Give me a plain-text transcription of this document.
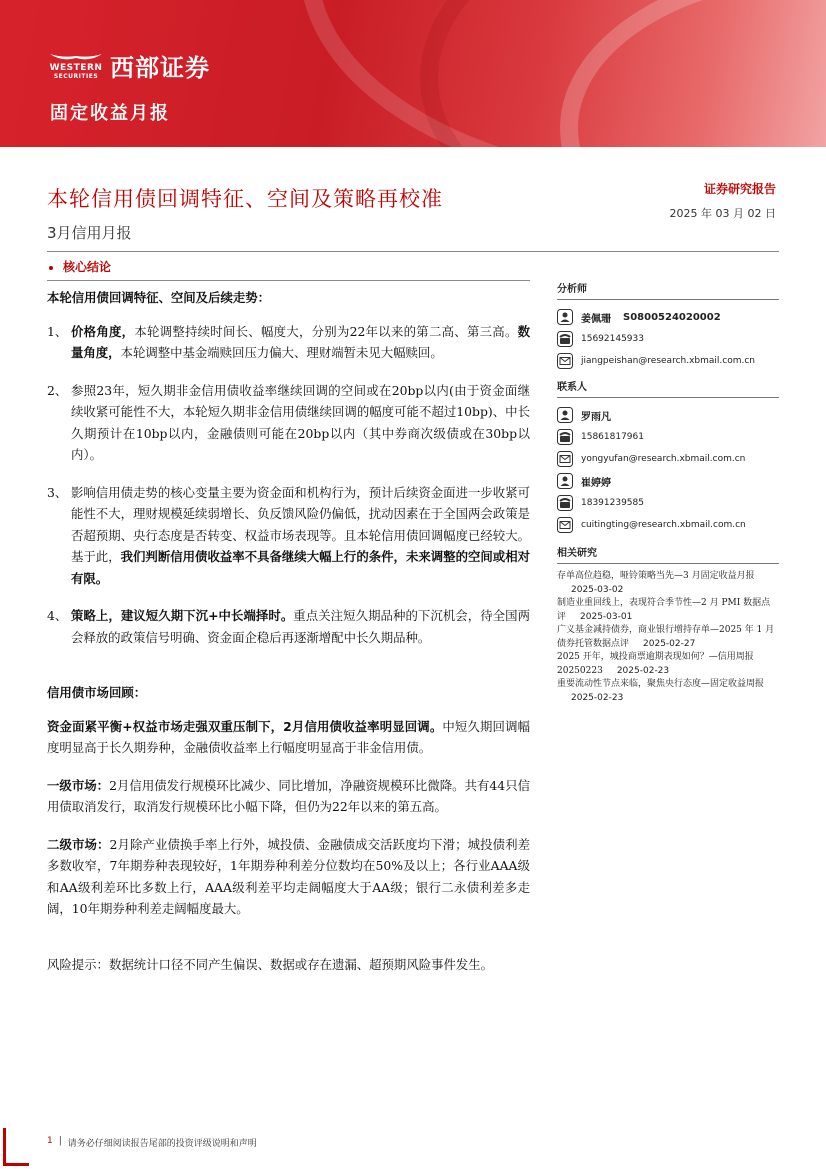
WESTERN
SECURITIES 西部证券
固定收益月报
本轮信用债回调特征、空间及策略再校准
3月信用月报
证券研究报告
2025 年 03 月 02 日
核心结论

本轮信用债回调特征、空间及后续走势：

1、 价格角度，本轮调整持续时间长、幅度大，分别为22年以来的第二高、第三高。数量角度，本轮调整中基金端赎回压力偏大、理财端暂未见大幅赎回。
2、 参照23年，短久期非金信用债收益率继续回调的空间或在20bp以内(由于资金面继续收紧可能性不大，本轮短久期非金信用债继续回调的幅度可能不超过10bp)、中长久期预计在10bp以内，金融债则可能在20bp以内（其中券商次级债或在30bp以内）。
3、 影响信用债走势的核心变量主要为资金面和机构行为，预计后续资金面进一步收紧可能性不大，理财规模延续弱增长、负反馈风险仍偏低，扰动因素在于全国两会政策是否超预期、央行态度是否转变、权益市场表现等。且本轮信用债回调幅度已经较大。基于此，我们判断信用债收益率不具备继续大幅上行的条件，未来调整的空间或相对有限。
4、 策略上，建议短久期下沉+中长端择时。重点关注短久期品种的下沉机会，待全国两会释放的政策信号明确、资金面企稳后再逐渐增配中长久期品种。

信用债市场回顾：

资金面紧平衡+权益市场走强双重压制下，2月信用债收益率明显回调。中短久期回调幅度明显高于长久期券种，金融债收益率上行幅度明显高于非金信用债。

一级市场：2月信用债发行规模环比减少、同比增加，净融资规模环比微降。共有44只信用债取消发行，取消发行规模环比小幅下降，但仍为22年以来的第五高。

二级市场：2月除产业债换手率上行外，城投债、金融债成交活跃度均下滑；城投债利差多数收窄，7年期券种表现较好，1年期券种利差分位数均在50%及以上；各行业AAA级和AA级利差环比多数上行，AAA级利差平均走阔幅度大于AA级；银行二永债利差多走阔，10年期券种利差走阔幅度最大。

风险提示：数据统计口径不同产生偏误、数据或存在遗漏、超预期风险事件发生。

分析师
姜佩珊 S0800524020002
15692145933
jiangpeishan@research.xbmail.com.cn
联系人
罗雨凡
15861817961
yongyufan@research.xbmail.com.cn
崔婷婷
18391239585
cuitingting@research.xbmail.com.cn
相关研究
存单高位趋稳，哑铃策略当先—3 月固定收益月报2025-03-02
制造业重回线上，表现符合季节性—2 月 PMI 数据点评 2025-03-01
广义基金减持债券，商业银行增持存单—2025 年 1 月债券托管数据点评 2025-02-27
2025 开年，城投商票逾期表现如何？—信用周报 20250223 2025-02-23
重要流动性节点来临，聚焦央行态度—固定收益周报2025-02-23
1 | 请务必仔细阅读报告尾部的投资评级说明和声明
